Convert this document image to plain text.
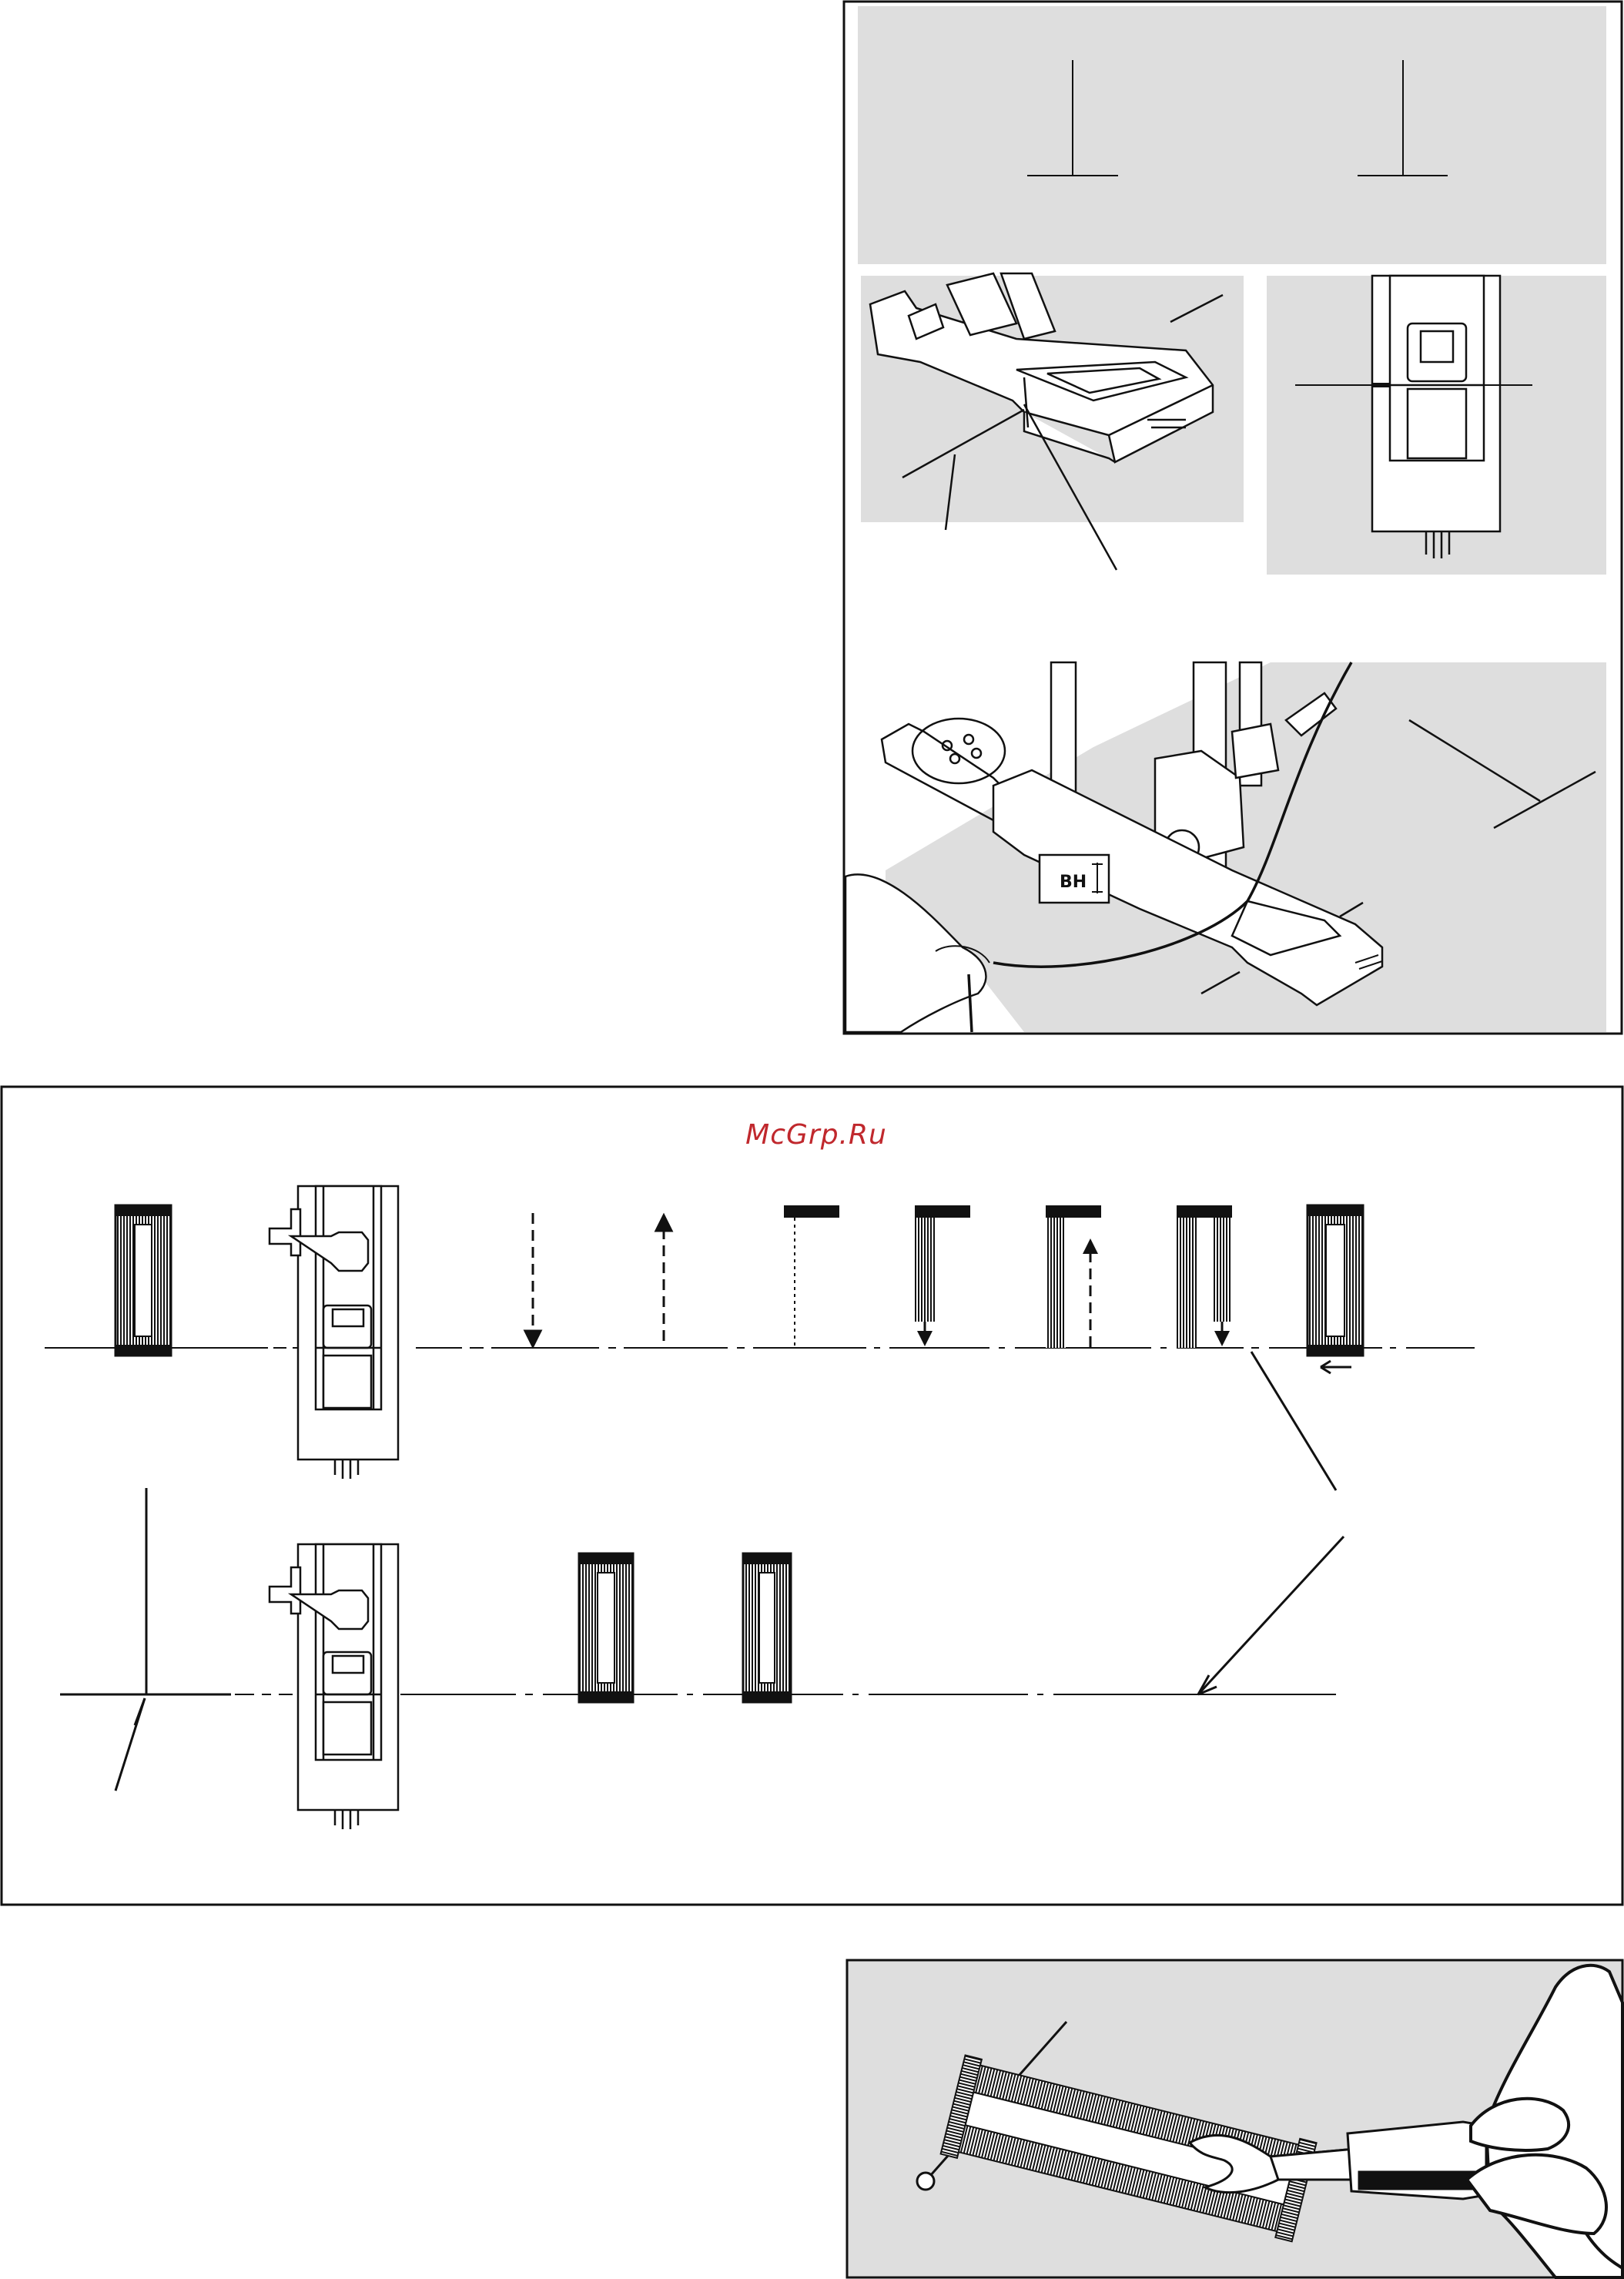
BH
McGrp.Ru
